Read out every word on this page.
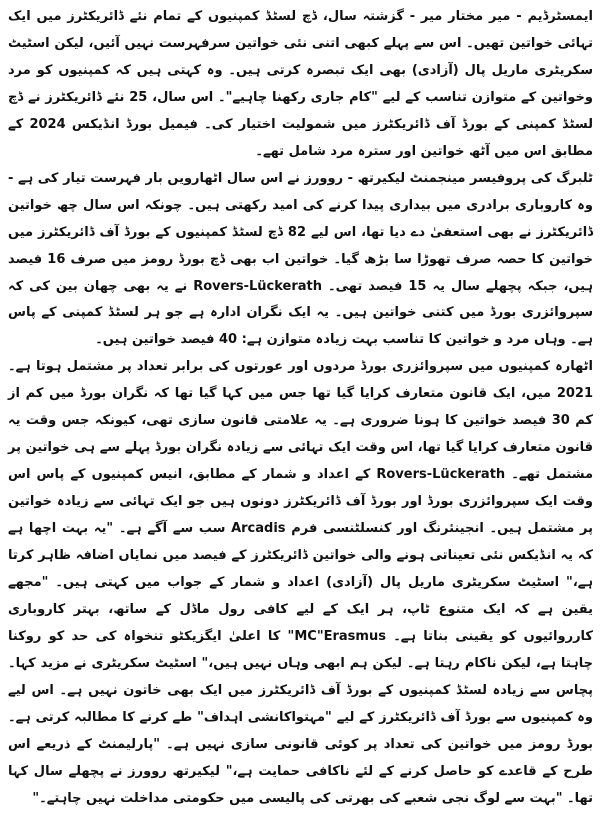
ایمسٹرڈیم - میر مختار میر - گزشتہ سال، ڈچ لسٹڈ کمپنیوں کے تمام نئے ڈائریکٹرز میں ایک تہائی خواتین تھیں۔ اس سے پہلے کبھی اتنی نئی خواتین سرفہرست نہیں آئیں، لیکن اسٹیٹ سکریٹری ماریل پال (آزادی) بھی ایک تبصرہ کرتی ہیں۔ وہ کہتی ہیں کہ کمپنیوں کو مرد وخواتین کے متوازن تناسب کے لیے "کام جاری رکھنا چاہیے"۔ اس سال، 25 نئے ڈائریکٹرز نے ڈچ لسٹڈ کمپنی کے بورڈ آف ڈائریکٹرز میں شمولیت اختیار کی۔ فیمیل بورڈ انڈیکس 2024 کے مطابق اس میں آٹھ خواتین اور سترہ مرد شامل تھے۔

ٹلبرگ کی پروفیسر مینجمنٹ لیکیرتھ - روورز نے اس سال اٹھارویں بار فہرست تیار کی ہے - وہ کاروباری برادری میں بیداری پیدا کرنے کی امید رکھتی ہیں۔ چونکہ اس سال چھ خواتین ڈائریکٹرز نے بھی استعفیٰ دے دیا تھا، اس لیے 82 ڈچ لسٹڈ کمپنیوں کے بورڈ آف ڈائریکٹرز میں خواتین کا حصہ صرف تھوڑا سا بڑھ گیا۔ خواتین اب بھی ڈچ بورڈ رومز میں صرف 16 فیصد ہیں، جبکہ پچھلے سال یہ 15 فیصد تھی۔ Rovers-Lückerath نے یہ بھی چھان بین کی کہ سپروائزری بورڈ میں کتنی خواتین ہیں۔ یہ ایک نگران ادارہ ہے جو ہر لسٹڈ کمپنی کے پاس ہے۔ وہاں مرد و خواتین کا تناسب بہت زیادہ متوازن ہے: 40 فیصد خواتین ہیں۔

اٹھارہ کمپنیوں میں سپروائزری بورڈ مردوں اور عورتوں کی برابر تعداد پر مشتمل ہوتا ہے۔ 2021 میں، ایک قانون متعارف کرایا گیا تھا جس میں کہا گیا تھا کہ نگران بورڈ میں کم از کم 30 فیصد خواتین کا ہونا ضروری ہے۔ یہ علامتی قانون سازی تھی، کیونکہ جس وقت یہ قانون متعارف کرایا گیا تھا، اس وقت ایک تہائی سے زیادہ نگران بورڈ پہلے سے ہی خواتین پر مشتمل تھے۔ Rovers-Lückerath کے اعداد و شمار کے مطابق، انیس کمپنیوں کے پاس اس وقت ایک سپروائزری بورڈ اور بورڈ آف ڈائریکٹرز دونوں ہیں جو ایک تہائی سے زیادہ خواتین پر مشتمل ہیں۔ انجینئرنگ اور کنسلٹنسی فرم Arcadis سب سے آگے ہے۔ "یہ بہت اچھا ہے کہ یہ انڈیکس نئی تعیناتی ہونے والی خواتین ڈائریکٹرز کے فیصد میں نمایاں اضافہ ظاہر کرتا ہے،" اسٹیٹ سکریٹری ماریل پال (آزادی) اعداد و شمار کے جواب میں کہتی ہیں۔ "مجھے یقین ہے کہ ایک متنوع ٹاپ، ہر ایک کے لیے کافی رول ماڈل کے ساتھ، بہتر کاروباری کارروائیوں کو یقینی بناتا ہے۔ MC"Erasmus" کا اعلیٰ ایگزیکٹو تنخواہ کی حد کو روکنا چاہتا ہے، لیکن ناکام رہتا ہے۔ لیکن ہم ابھی وہاں نہیں ہیں،" اسٹیٹ سکریٹری نے مزید کہا۔ پچاس سے زیادہ لسٹڈ کمپنیوں کے بورڈ آف ڈائریکٹرز میں ایک بھی خاتون نہیں ہے۔ اس لیے وہ کمپنیوں سے بورڈ آف ڈائریکٹرز کے لیے "مہتواکانشی اہداف" طے کرنے کا مطالبہ کرتی ہے۔ بورڈ رومز میں خواتین کی تعداد پر کوئی قانونی سازی نہیں ہے۔ "پارلیمنٹ کے ذریعے اس طرح کے قاعدے کو حاصل کرنے کے لئے ناکافی حمایت ہے،" لیکیرتھ روورز نے پچھلے سال کہا تھا۔ "بہت سے لوگ نجی شعبے کی بھرتی کی پالیسی میں حکومتی مداخلت نہیں چاہتے۔"
